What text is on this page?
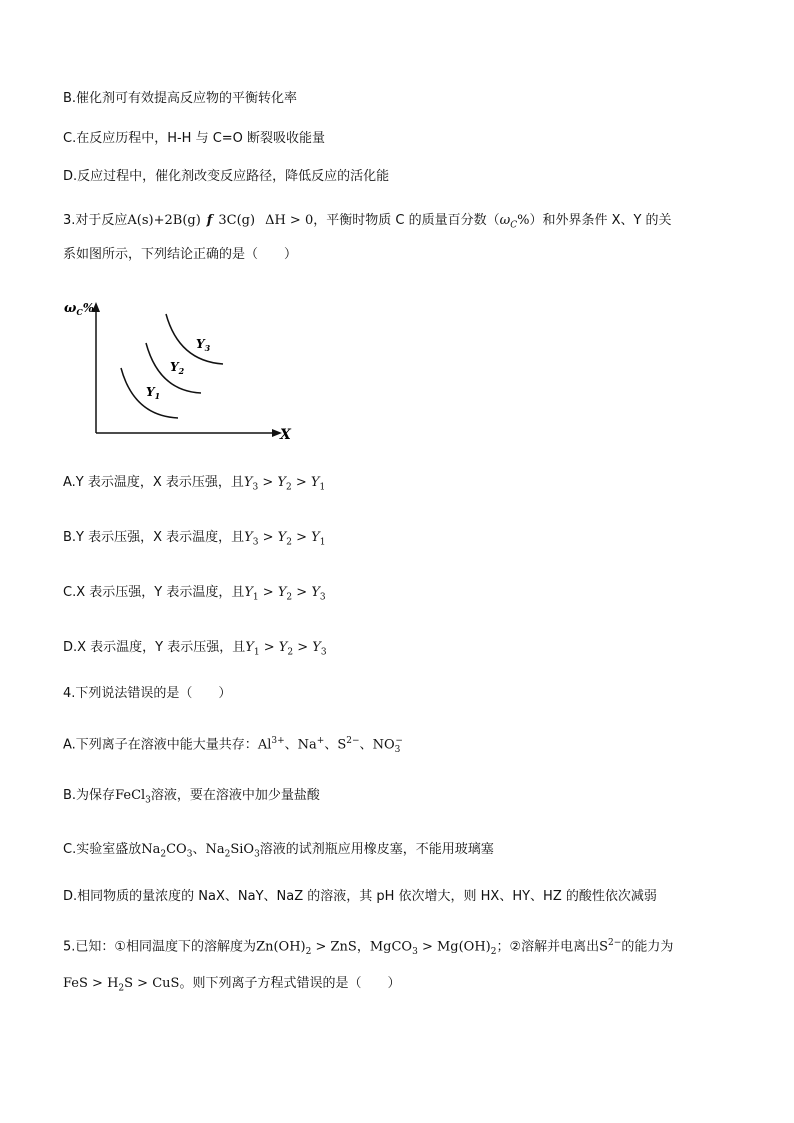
B.催化剂可有效提高反应物的平衡转化率
C.在反应历程中，H-H 与 C=O 断裂吸收能量
D.反应过程中，催化剂改变反应路径，降低反应的活化能
3.对于反应A(s)+2B(g) f 3C(g) ΔH > 0，平衡时物质 C 的质量百分数$(\omega_C\%)$和外界条件 X、Y 的关
系如图所示，下列结论正确的是（　　）
$\omega_C\%$
X
$Y_1$
$Y_2$
$Y_3$
A.Y 表示温度，X 表示压强，且$Y_3 > Y_2 > Y_1$
B.Y 表示压强，X 表示温度，且$Y_3 > Y_2 > Y_1$
C.X 表示压强，Y 表示温度，且$Y_1 > Y_2 > Y_3$
D.X 表示温度，Y 表示压强，且$Y_1 > Y_2 > Y_3$
4.下列说法错误的是（　　）
A.下列离子在溶液中能大量共存：$Al^{3+}$、Na+、$S^{2-}$、$NO_3^-$
B.为保存FeCl$_3$溶液，要在溶液中加少量盐酸
C.实验室盛放$Na_2CO_3$、$Na_2SiO_3$溶液的试剂瓶应用橡皮塞，不能用玻璃塞
D.相同物质的量浓度的 NaX、NaY、NaZ 的溶液，其 pH 依次增大，则 HX、HY、HZ 的酸性依次减弱
5.已知：①相同温度下的溶解度为$Zn(OH)_2$ > ZnS，MgCO$_3$ > $Mg(OH)_2$；②溶解并电离出$S^{2-}$的能力为
FeS > $H_2S$ > CuS。则下列离子方程式错误的是（　　）
